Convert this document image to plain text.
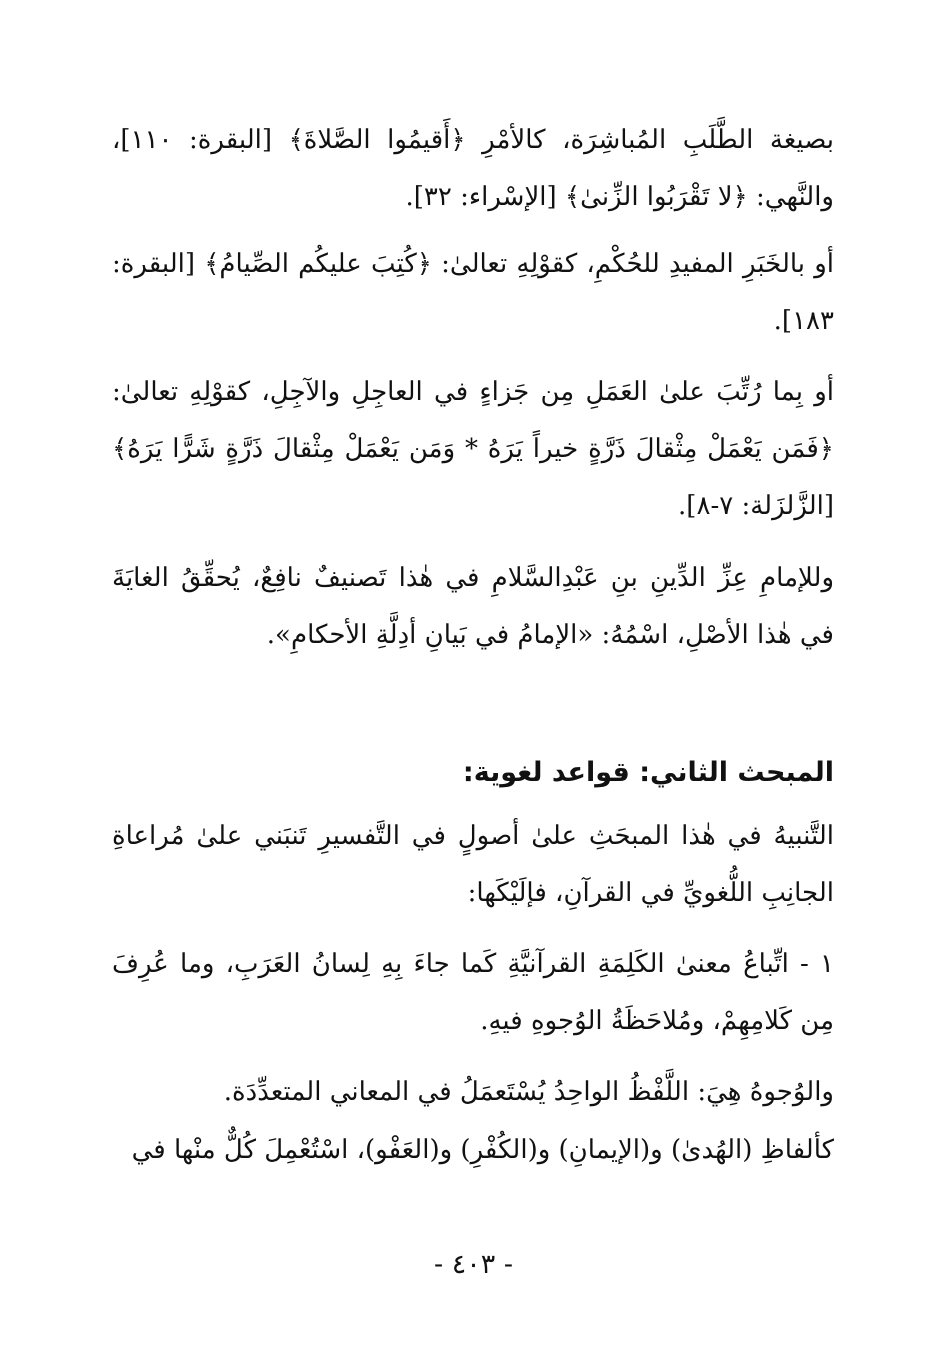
بصيغة الطَّلَبِ المُباشِرَة، كالأمْرِ ﴿أَقيمُوا الصَّلاةَ﴾ [البقرة: ١١٠]، والنَّهي: ﴿لا تَقْرَبُوا الزِّنىٰ﴾ [الإسْراء: ٣٢].

أو بالخَبَرِ المفيدِ للحُكْمِ، كقوْلِهِ تعالىٰ: ﴿كُتِبَ عليكُم الصِّيامُ﴾ [البقرة: ١٨٣].

أو بِما رُتِّبَ علىٰ العَمَلِ مِن جَزاءٍ في العاجِلِ والآجِلِ، كقوْلِهِ تعالىٰ: ﴿فَمَن يَعْمَلْ مِثْقالَ ذَرَّةٍ خيراً يَرَهُ * وَمَن يَعْمَلْ مِثْقالَ ذَرَّةٍ شَرًّا يَرَهُ﴾ [الزَّلزَلة: ٧-٨].

وللإمامِ عِزِّ الدِّينِ بنِ عَبْدِالسَّلامِ في هٰذا تَصنيفٌ نافِعٌ، يُحقِّقُ الغايَةَ في هٰذا الأصْلِ، اسْمُهُ: «الإمامُ في بَيانِ أدِلَّةِ الأحكامِ».

المبحث الثاني: قواعد لغوية:

التَّنبيهُ في هٰذا المبحَثِ علىٰ أصولٍ في التَّفسيرِ تَنبَني علىٰ مُراعاةِ الجانِبِ اللُّغويِّ في القرآنِ، فإلَيْكَها:

١ - اتِّباعُ معنىٰ الكَلِمَةِ القرآنيَّةِ كَما جاءَ بِهِ لِسانُ العَرَبِ، وما عُرِفَ مِن كَلامِهِمْ، ومُلاحَظَةُ الوُجوهِ فيهِ.

والوُجوهُ هِيَ: اللَّفْظُ الواحِدُ يُسْتَعمَلُ في المعاني المتعدِّدَة.

كألفاظِ (الهُدىٰ) و(الإيمانِ) و(الكُفْرِ) و(العَفْو)، اسْتُعْمِلَ كُلٌّ منْها في

- ٤٠٣ -
